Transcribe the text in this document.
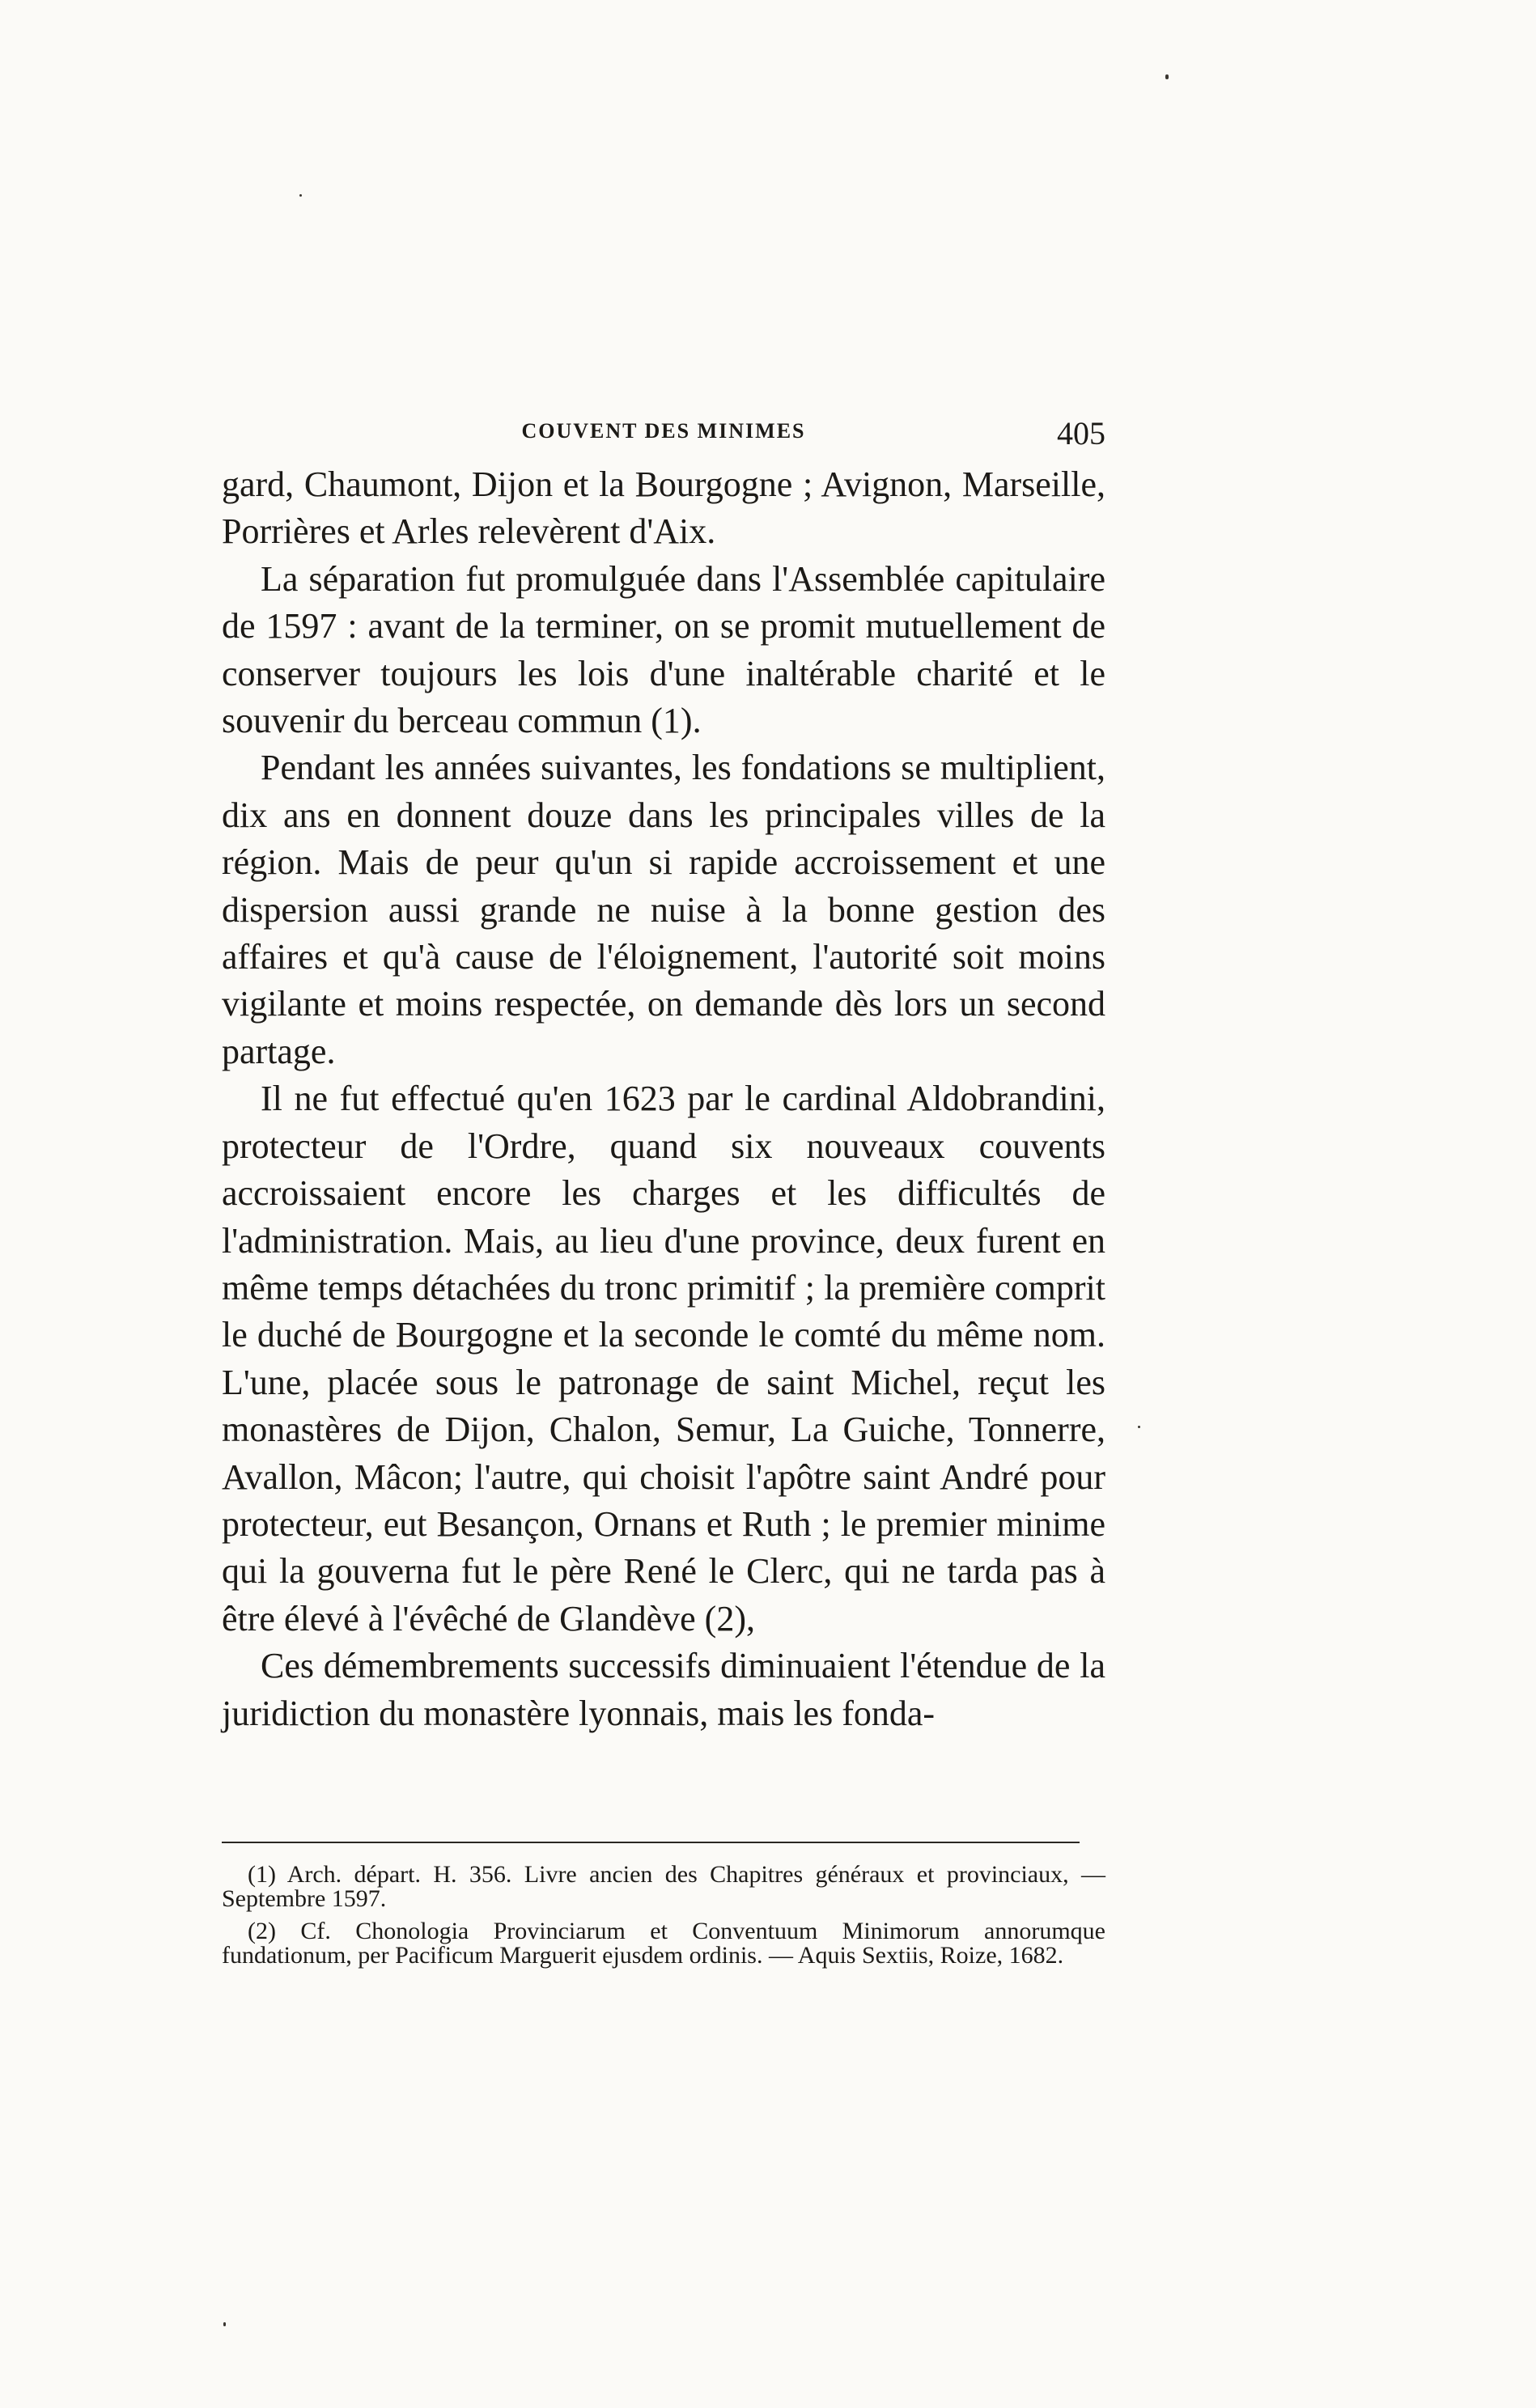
COUVENT DES MINIMES	405

gard, Chaumont, Dijon et la Bourgogne ; Avignon, Marseille, Porrières et Arles relevèrent d'Aix.

La séparation fut promulguée dans l'Assemblée capitulaire de 1597 : avant de la terminer, on se promit mutuellement de conserver toujours les lois d'une inaltérable charité et le souvenir du berceau commun (1).

Pendant les années suivantes, les fondations se multiplient, dix ans en donnent douze dans les principales villes de la région. Mais de peur qu'un si rapide accroissement et une dispersion aussi grande ne nuise à la bonne gestion des affaires et qu'à cause de l'éloignement, l'autorité soit moins vigilante et moins respectée, on demande dès lors un second partage.

Il ne fut effectué qu'en 1623 par le cardinal Aldobrandini, protecteur de l'Ordre, quand six nouveaux couvents accroissaient encore les charges et les difficultés de l'administration. Mais, au lieu d'une province, deux furent en même temps détachées du tronc primitif ; la première comprit le duché de Bourgogne et la seconde le comté du même nom. L'une, placée sous le patronage de saint Michel, reçut les monastères de Dijon, Chalon, Semur, La Guiche, Tonnerre, Avallon, Mâcon; l'autre, qui choisit l'apôtre saint André pour protecteur, eut Besançon, Ornans et Ruth ; le premier minime qui la gouverna fut le père René le Clerc, qui ne tarda pas à être élevé à l'évêché de Glandève (2),

Ces démembrements successifs diminuaient l'étendue de la juridiction du monastère lyonnais, mais les fonda-

(1) Arch. départ. H. 356. Livre ancien des Chapitres généraux et provinciaux, — Septembre 1597.

(2) Cf. Chonologia Provinciarum et Conventuum Minimorum annorumque fundationum, per Pacificum Marguerit ejusdem ordinis. — Aquis Sextiis, Roize, 1682.
